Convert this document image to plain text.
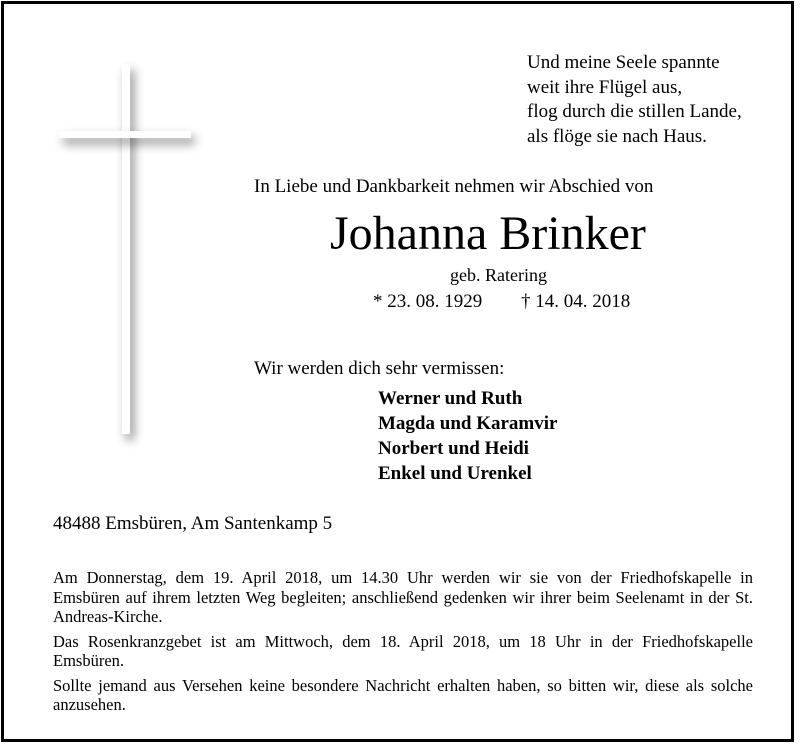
Und meine Seele spannte
weit ihre Flügel aus,
flog durch die stillen Lande,
als flöge sie nach Haus.
In Liebe und Dankbarkeit nehmen wir Abschied von
Johanna Brinker
geb. Ratering
* 23. 08. 1929 † 14. 04. 2018
Wir werden dich sehr vermissen:
Werner und Ruth
Magda und Karamvir
Norbert und Heidi
Enkel und Urenkel
48488 Emsbüren, Am Santenkamp 5

Am Donnerstag, dem 19. April 2018, um 14.30 Uhr werden wir sie von der Friedhofskapelle in Emsbüren auf ihrem letzten Weg begleiten; anschließend gedenken wir ihrer beim Seelenamt in der St. Andreas-Kirche.

Das Rosenkranzgebet ist am Mittwoch, dem 18. April 2018, um 18 Uhr in der Friedhofskapelle Emsbüren.

Sollte jemand aus Versehen keine besondere Nachricht erhalten haben, so bitten wir, diese als solche anzusehen.
